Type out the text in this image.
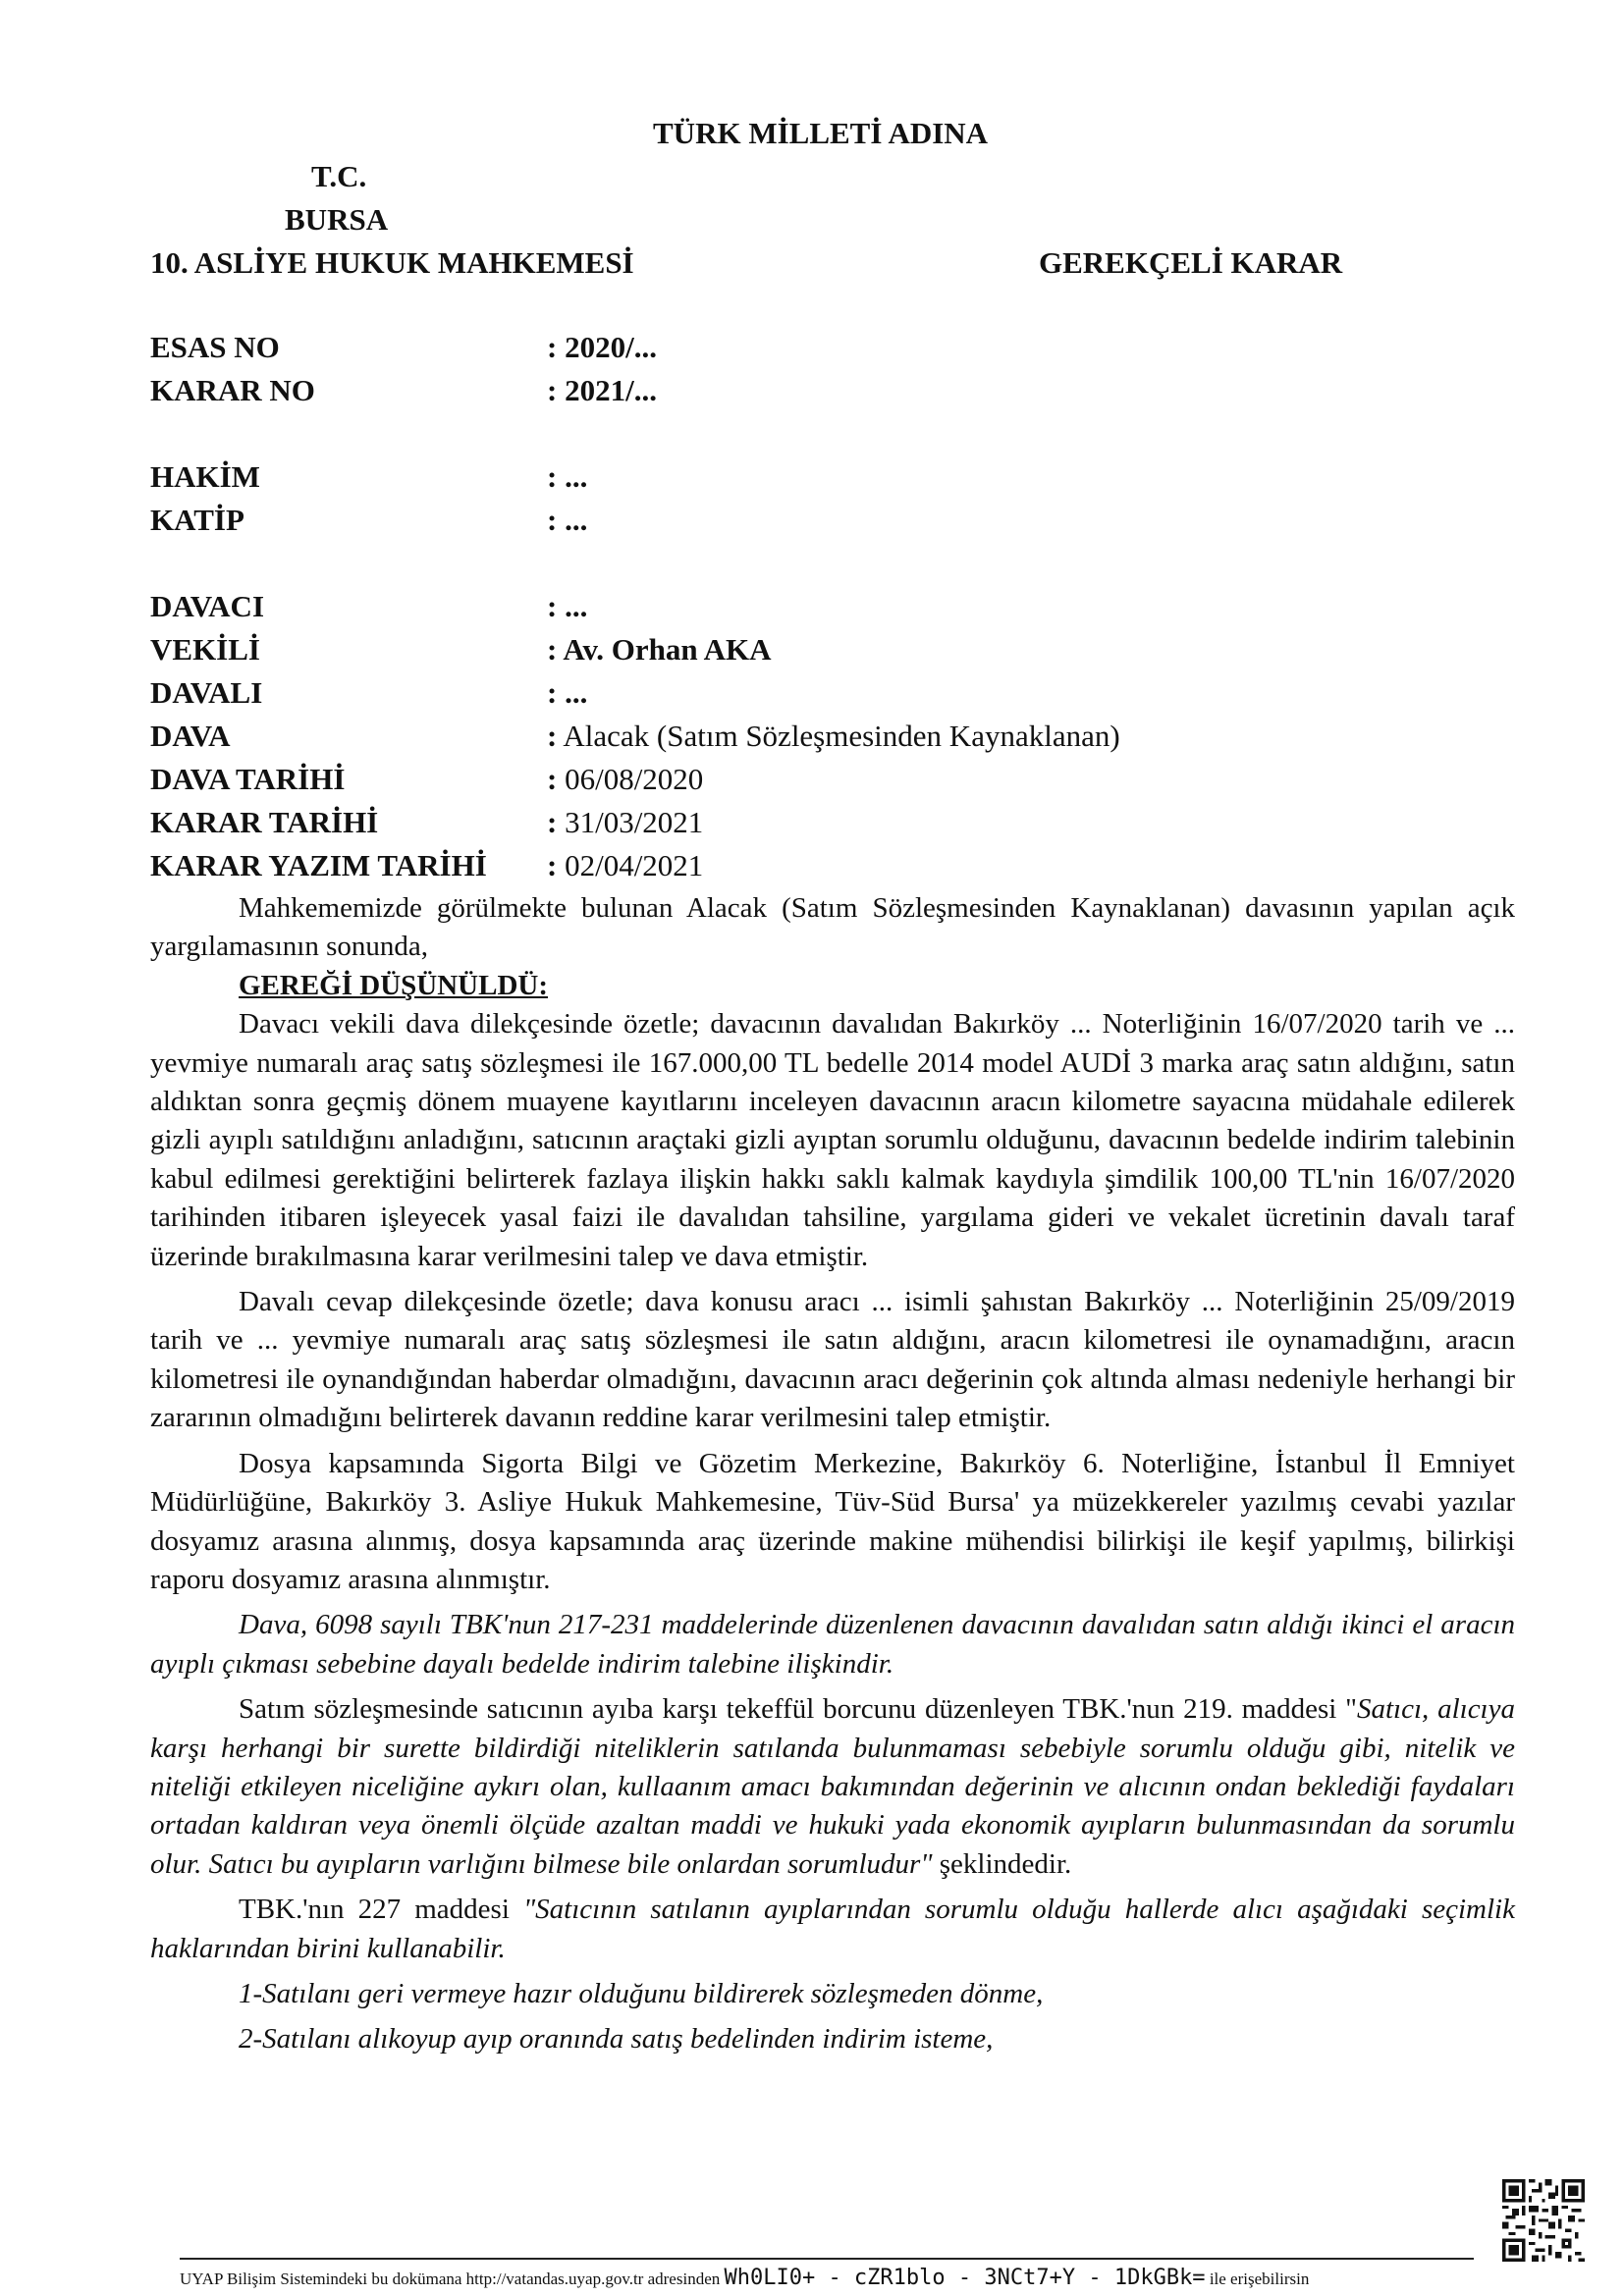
TÜRK MİLLETİ ADINA
T.C.
BURSA
10. ASLİYE HUKUK MAHKEMESİ	GEREKÇELİ KARAR
ESAS NO	: 2020/...
KARAR NO	: 2021/...
HAKİM	: ...
KATİP	: ...
DAVACI	: ...
VEKİLİ	: Av. Orhan AKA
DAVALI	: ...
DAVA	: Alacak (Satım Sözleşmesinden Kaynaklanan)
DAVA TARİHİ	: 06/08/2020
KARAR TARİHİ	: 31/03/2021
KARAR YAZIM TARİHİ : 02/04/2021

Mahkememizde görülmekte bulunan Alacak (Satım Sözleşmesinden Kaynaklanan) davasının yapılan açık yargılamasının sonunda,

GEREĞİ DÜŞÜNÜLDÜ:

Davacı vekili dava dilekçesinde özetle; davacının davalıdan Bakırköy ... Noterliğinin 16/07/2020 tarih ve ... yevmiye numaralı araç satış sözleşmesi ile 167.000,00 TL bedelle 2014 model AUDİ 3 marka araç satın aldığını, satın aldıktan sonra geçmiş dönem muayene kayıtlarını inceleyen davacının aracın kilometre sayacına müdahale edilerek gizli ayıplı satıldığını anladığını, satıcının araçtaki gizli ayıptan sorumlu olduğunu, davacının bedelde indirim talebinin kabul edilmesi gerektiğini belirterek fazlaya ilişkin hakkı saklı kalmak kaydıyla şimdilik 100,00 TL'nin 16/07/2020 tarihinden itibaren işleyecek yasal faizi ile davalıdan tahsiline, yargılama gideri ve vekalet ücretinin davalı taraf üzerinde bırakılmasına karar verilmesini talep ve dava etmiştir.

Davalı cevap dilekçesinde özetle; dava konusu aracı ... isimli şahıstan Bakırköy ... Noterliğinin 25/09/2019 tarih ve ... yevmiye numaralı araç satış sözleşmesi ile satın aldığını, aracın kilometresi ile oynamadığını, aracın kilometresi ile oynandığından haberdar olmadığını, davacının aracı değerinin çok altında alması nedeniyle herhangi bir zararının olmadığını belirterek davanın reddine karar verilmesini talep etmiştir.

Dosya kapsamında Sigorta Bilgi ve Gözetim Merkezine, Bakırköy 6. Noterliğine, İstanbul İl Emniyet Müdürlüğüne, Bakırköy 3. Asliye Hukuk Mahkemesine, Tüv-Süd Bursa' ya müzekkereler yazılmış cevabi yazılar dosyamız arasına alınmış, dosya kapsamında araç üzerinde makine mühendisi bilirkişi ile keşif yapılmış, bilirkişi raporu dosyamız arasına alınmıştır.

Dava, 6098 sayılı TBK'nun 217-231 maddelerinde düzenlenen davacının davalıdan satın aldığı ikinci el aracın ayıplı çıkması sebebine dayalı bedelde indirim talebine ilişkindir.

Satım sözleşmesinde satıcının ayıba karşı tekeffül borcunu düzenleyen TBK.'nun 219. maddesi "Satıcı, alıcıya karşı herhangi bir surette bildirdiği niteliklerin satılanda bulunmaması sebebiyle sorumlu olduğu gibi, nitelik ve niteliği etkileyen niceliğine aykırı olan, kullaanım amacı bakımından değerinin ve alıcının ondan beklediği faydaları ortadan kaldıran veya önemli ölçüde azaltan maddi ve hukuki yada ekonomik ayıpların bulunmasından da sorumlu olur. Satıcı bu ayıpların varlığını bilmese bile onlardan sorumludur" şeklindedir.

TBK.'nın 227 maddesi "Satıcının satılanın ayıplarından sorumlu olduğu hallerde alıcı aşağıdaki seçimlik haklarından birini kullanabilir.

1-Satılanı geri vermeye hazır olduğunu bildirerek sözleşmeden dönme,

2-Satılanı alıkoyup ayıp oranında satış bedelinden indirim isteme,

UYAP Bilişim Sistemindeki bu dokümana http://vatandas.uyap.gov.tr adresinden Wh0LI0+ - cZR1blo - 3NCt7+Y - 1DkGBk= ile erişebilirsin
